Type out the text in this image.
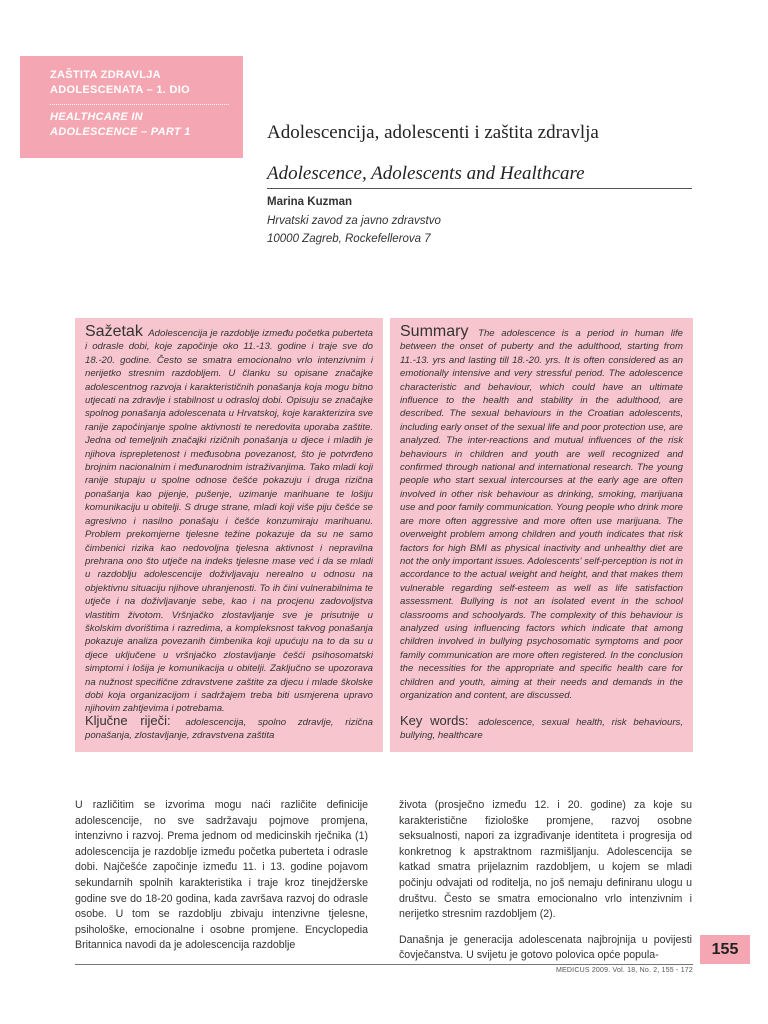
ZAŠTITA ZDRAVLJA
ADOLESCENATA – 1. DIO
HEALTHCARE IN
ADOLESCENCE – PART 1	Adolescencija, adolescenti i zaštita zdravlja
Adolescence, Adolescents and Healthcare
Marina Kuzman
Hrvatski zavod za javno zdravstvo
10000 Zagreb, Rockefellerova 7
Sažetak Adolescencija je razdoblje između početka puberteta i odrasle dobi, koje započinje oko 11.-13. godine i traje sve do 18.-20. godine. Često se smatra emocionalno vrlo intenzivnim i nerijetko stresnim razdobljem. U članku su opisane značajke adolescentnog razvoja i karakterističnih ponašanja koja mogu bitno utjecati na zdravlje i stabilnost u odrasloj dobi. Opisuju se značajke spolnog ponašanja adolescenata u Hrvatskoj, koje karakterizira sve ranije započinjanje spolne aktivnosti te neredovita uporaba zaštite. Jedna od temeljnih značajki rizičnih ponašanja u djece i mladih je njihova isprepletenost i međusobna povezanost, što je potvrđeno brojnim nacionalnim i međunarodnim istraživanjima. Tako mladi koji ranije stupaju u spolne odnose češće pokazuju i druga rizična ponašanja kao pijenje, pušenje, uzimanje marihuane te lošiju komunikaciju u obitelji. S druge strane, mladi koji više piju češće se agresivno i nasilno ponašaju i češće konzumiraju marihuanu. Problem prekomjerne tjelesne težine pokazuje da su ne samo čimbenici rizika kao nedovoljna tjelesna aktivnost i nepravilna prehrana ono što utječe na indeks tjelesne mase već i da se mladi u razdoblju adolescencije doživljavaju nerealno u odnosu na objektivnu situaciju njihove uhranjenosti. To ih čini vulnerabilnima te utječe i na doživljavanje sebe, kao i na procjenu zadovoljstva vlastitim životom. Vršnjačko zlostavljanje sve je prisutnije u školskim dvorištima i razredima, a kompleksnost takvog ponašanja pokazuje analiza povezanih čimbenika koji upućuju na to da su u djece uključene u vršnjačko zlostavljanje češći psihosomatski simptomi i lošija je komunikacija u obitelji. Zaključno se upozorava na nužnost specifične zdravstvene zaštite za djecu i mlade školske dobi koja organizacijom i sadržajem treba biti usmjerena upravo njihovim zahtjevima i potrebama.
Ključne riječi: adolescencija, spolno zdravlje, rizična ponašanja, zlostavljanje, zdravstvena zaštita
Summary The adolescence is a period in human life between the onset of puberty and the adulthood, starting from 11.-13. yrs and lasting till 18.-20. yrs. It is often considered as an emotionally intensive and very stressful period. The adolescence characteristic and behaviour, which could have an ultimate influence to the health and stability in the adulthood, are described. The sexual behaviours in the Croatian adolescents, including early onset of the sexual life and poor protection use, are analyzed. The inter-reactions and mutual influences of the risk behaviours in children and youth are well recognized and confirmed through national and international research. The young people who start sexual intercourses at the early age are often involved in other risk behaviour as drinking, smoking, marijuana use and poor family communication. Young people who drink more are more often aggressive and more often use marijuana. The overweight problem among children and youth indicates that risk factors for high BMI as physical inactivity and unhealthy diet are not the only important issues. Adolescents' self-perception is not in accordance to the actual weight and height, and that makes them vulnerable regarding self-esteem as well as life satisfaction assessment. Bullying is not an isolated event in the school classrooms and schoolyards. The complexity of this behaviour is analyzed using influencing factors which indicate that among children involved in bullying psychosomatic symptoms and poor family communication are more often registered. In the conclusion the necessities for the appropriate and specific health care for children and youth, aiming at their needs and demands in the organization and content, are discussed.
Key words: adolescence, sexual health, risk behaviours, bullying, healthcare

U različitim se izvorima mogu naći različite definicije adolescencije, no sve sadržavaju pojmove promjena, intenzivno i razvoj. Prema jednom od medicinskih rječnika (1) adolescencija je razdoblje između početka puberteta i odrasle dobi. Najčešće započinje između 11. i 13. godine pojavom sekundarnih spolnih karakteristika i traje kroz tinejdžerske godine sve do 18-20 godina, kada završava razvoj do odrasle osobe. U tom se razdoblju zbivaju intenzivne tjelesne, psihološke, emocionalne i osobne promjene. Encyclopedia Britannica navodi da je adolescencija razdoblje

života (prosječno između 12. i 20. godine) za koje su karakteristične fiziološke promjene, razvoj osobne seksualnosti, napori za izgrađivanje identiteta i progresija od konkretnog k apstraktnom razmišljanju. Adolescencija se katkad smatra prijelaznim razdobljem, u kojem se mladi počinju odvajati od roditelja, no još nemaju definiranu ulogu u društvu. Često se smatra emocionalno vrlo intenzivnim i nerijetko stresnim razdobljem (2).

Današnja je generacija adolescenata najbrojnija u povijesti čovječanstva. U svijetu je gotovo polovica opće popula-	155
MEDICUS 2009. Vol. 18, No. 2, 155 - 172
